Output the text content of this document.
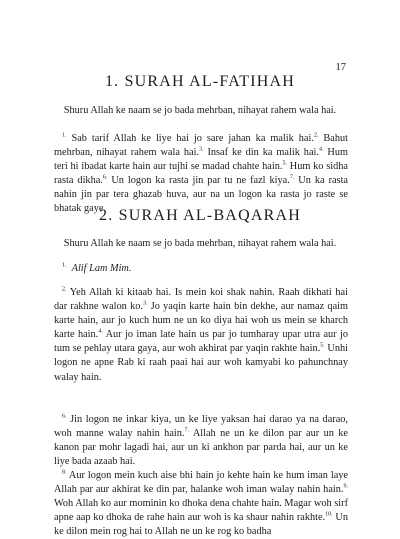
17
1. SURAH AL-FATIHAH

Shuru Allah ke naam se jo bada mehrban, nihayat rahem wala hai.

$^{1.}$ Sab tarif Allah ke liye hai jo sare jahan ka malik hai.$^{2.}$ Bahut mehrban, nihayat rahem wala hai.$^{3.}$ Insaf ke din ka malik hai.$^{4.}$ Hum teri hi ibadat karte hain aur tujhi se madad chahte hain.$^{5.}$ Hum ko sidha rasta dikha.$^{6.}$ Un logon ka rasta jin par tu ne fazl kiya.$^{7.}$ Un ka rasta nahin jin par tera ghazab huva, aur na un logon ka rasta jo raste se bhatak gaye.

2. SURAH AL-BAQARAH

Shuru Allah ke naam se jo bada mehrban, nihayat rahem wala hai.

$^{1.}$ Alif Lam Mim.

$^{2.}$ Yeh Allah ki kitaab hai. Is mein koi shak nahin. Raah dikhati hai dar rakhne walon ko.$^{3.}$ Jo yaqin karte hain bin dekhe, aur namaz qaim karte hain, aur jo kuch hum ne un ko diya hai woh us mein se kharch karte hain.$^{4.}$ Aur jo iman late hain us par jo tumharay upar utra aur jo tum se pehlay utara gaya, aur woh akhirat par yaqin rakhte hain.$^{5.}$ Unhi logon ne apne Rab ki raah paai hai aur woh kamyabi ko pahunchnay walay hain.

$^{6.}$ Jin logon ne inkar kiya, un ke liye yaksan hai darao ya na darao, woh manne walay nahin hain.$^{7.}$ Allah ne un ke dilon par aur un ke kanon par mohr lagadi hai, aur un ki ankhon par parda hai, aur un ke liye bada azaab hai.

$^{8.}$ Aur logon mein kuch aise bhi hain jo kehte hain ke hum iman laye Allah par aur akhirat ke din par, halanke woh iman walay nahin hain.$^{9.}$ Woh Allah ko aur mominin ko dhoka dena chahte hain. Magar woh sirf apne aap ko dhoka de rahe hain aur woh is ka shaur nahin rakhte.$^{10.}$ Un ke dilon mein rog hai to Allah ne un ke rog ko badha
